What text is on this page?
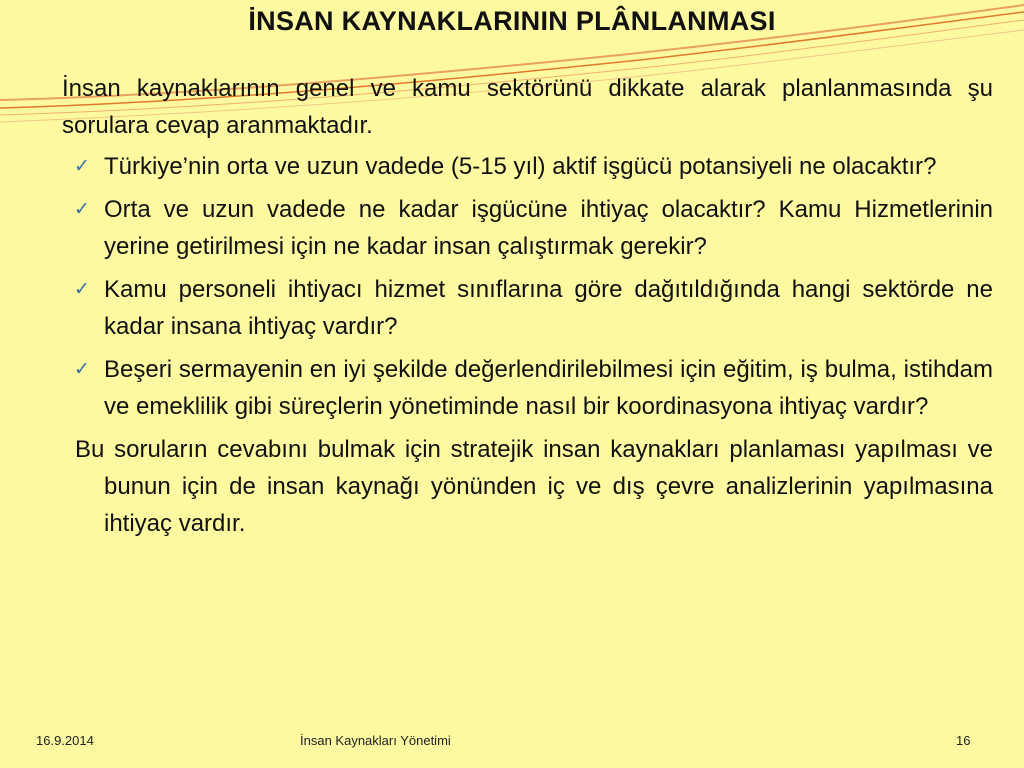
İNSAN KAYNAKLARININ PLÂNLANMASI

İnsan kaynaklarının genel ve kamu sektörünü dikkate alarak planlanmasında şu sorulara cevap aranmaktadır.

✓ Türkiye’nin orta ve uzun vadede (5-15 yıl) aktif işgücü potansiyeli ne olacaktır?
✓ Orta ve uzun vadede ne kadar işgücüne ihtiyaç olacaktır? Kamu Hizmetlerinin yerine getirilmesi için ne kadar insan çalıştırmak gerekir?
✓ Kamu personeli ihtiyacı hizmet sınıflarına göre dağıtıldığında hangi sektörde ne kadar insana ihtiyaç vardır?
✓ Beşeri sermayenin en iyi şekilde değerlendirilebilmesi için eğitim, iş bulma, istihdam ve emeklilik gibi süreçlerin yönetiminde nasıl bir koordinasyona ihtiyaç vardır?

Bu soruların cevabını bulmak için stratejik insan kaynakları planlaması yapılması ve bunun için de insan kaynağı yönünden iç ve dış çevre analizlerinin yapılmasına ihtiyaç vardır.

16.9.2014	İnsan Kaynakları Yönetimi	16
